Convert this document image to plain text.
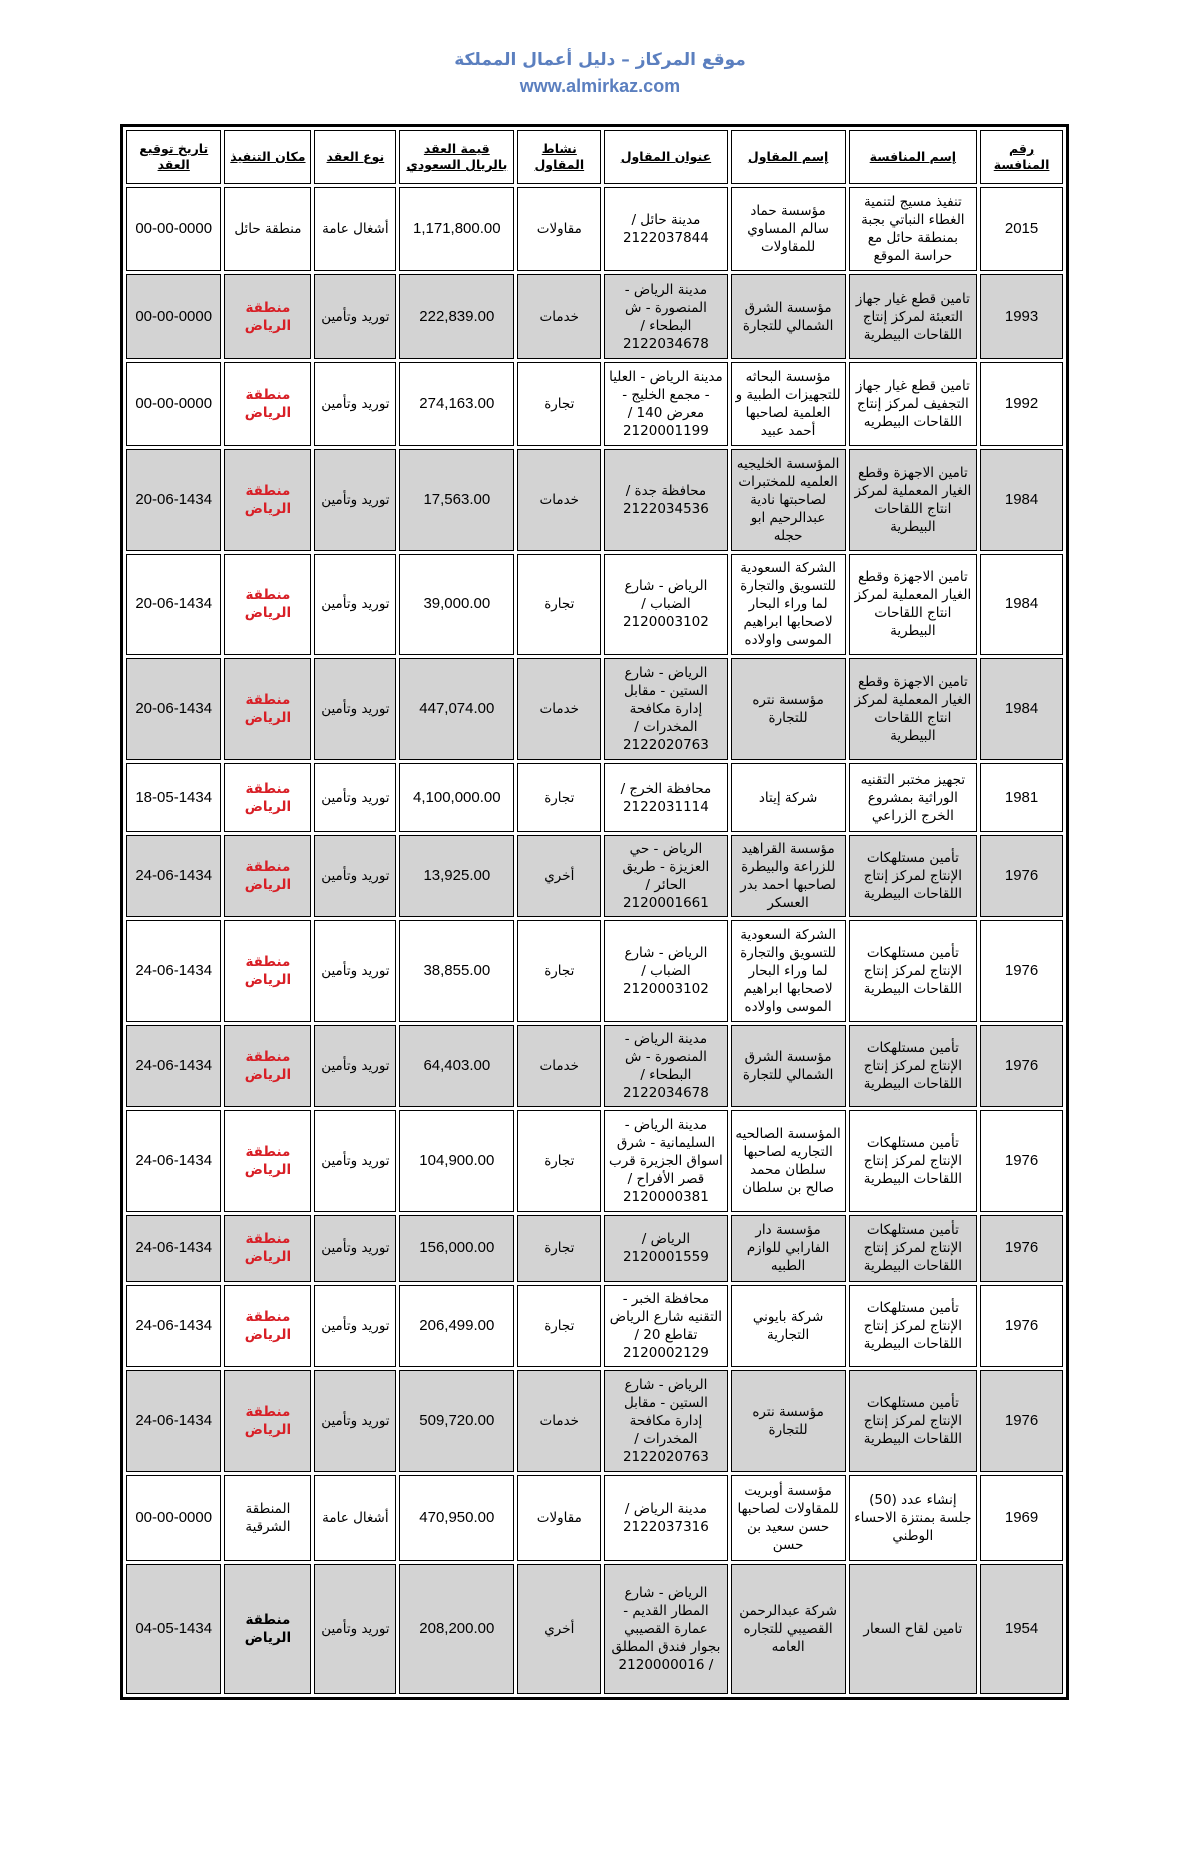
موقع المركاز – دليل أعمال المملكة
www.almirkaz.com
رقم المنافسة	إسم المنافسة	إسم المقاول	عنوان المقاول	نشاط المقاول	قيمة العقد بالريال السعودي	نوع العقد	مكان التنفيذ	تاريخ توقيع العقد
2015	تنفيذ مسيج لتنمية الغطاء النباتي بجبة بمنطقة حائل مع حراسة الموقع	مؤسسة حماد سالم المساوي للمقاولات	مدينة حائل / 2122037844	مقاولات	1,171,800.00	أشغال عامة	منطقة حائل	00-00-0000
1993	تامين قطع غيار جهاز التعبئة لمركز إنتاج اللقاحات البيطرية	مؤسسة الشرق الشمالي للتجارة	مدينة الرياض - المنصورة - ش البطحاء / 2122034678	خدمات	222,839.00	توريد وتأمين	منطقة الرياض	00-00-0000
1992	تامين قطع غيار جهاز التجفيف لمركز إنتاج اللقاحات البيطريه	مؤسسة البحاثه للتجهيزات الطبية و العلمية لصاحبها أحمد عبيد	مدينة الرياض - العليا - مجمع الخليج - معرض 140 / 2120001199	تجارة	274,163.00	توريد وتأمين	منطقة الرياض	00-00-0000
1984	تامين الاجهزة وقطع الغيار المعملية لمركز انتاج اللقاحات البيطرية	المؤسسة الخليجيه العلميه للمختبرات لصاحبتها نادية عبدالرحيم ابو حجله	محافظة جدة / 2122034536	خدمات	17,563.00	توريد وتأمين	منطقة الرياض	20-06-1434
1984	تامين الاجهزة وقطع الغيار المعملية لمركز انتاج اللقاحات البيطرية	الشركة السعودية للتسويق والتجارة لما وراء البحار لاصحابها ابراهيم الموسى واولاده	الرياض - شارع الضباب / 2120003102	تجارة	39,000.00	توريد وتأمين	منطقة الرياض	20-06-1434
1984	تامين الاجهزة وقطع الغيار المعملية لمركز انتاج اللقاحات البيطرية	مؤسسة نتره للتجارة	الرياض - شارع الستين - مقابل إدارة مكافحة المخدرات / 2122020763	خدمات	447,074.00	توريد وتأمين	منطقة الرياض	20-06-1434
1981	تجهيز مختبر التقنيه الوراثية بمشروع الخرج الزراعي	شركة إيتاد	محافظة الخرج / 2122031114	تجارة	4,100,000.00	توريد وتأمين	منطقة الرياض	18-05-1434
1976	تأمين مستلهكات الإنتاج لمركز إنتاج اللقاحات البيطرية	مؤسسة القراهيد للزراعة والبيطرة لصاحبها احمد بدر العسكر	الرياض - حي العزيزة - طريق الحائر / 2120001661	أخري	13,925.00	توريد وتأمين	منطقة الرياض	24-06-1434
1976	تأمين مستلهكات الإنتاج لمركز إنتاج اللقاحات البيطرية	الشركة السعودية للتسويق والتجارة لما وراء البحار لاصحابها ابراهيم الموسى واولاده	الرياض - شارع الضباب / 2120003102	تجارة	38,855.00	توريد وتأمين	منطقة الرياض	24-06-1434
1976	تأمين مستلهكات الإنتاج لمركز إنتاج اللقاحات البيطرية	مؤسسة الشرق الشمالي للتجارة	مدينة الرياض - المنصورة - ش البطحاء / 2122034678	خدمات	64,403.00	توريد وتأمين	منطقة الرياض	24-06-1434
1976	تأمين مستلهكات الإنتاج لمركز إنتاج اللقاحات البيطرية	المؤسسة الصالحيه التجاريه لصاحبها سلطان محمد صالح بن سلطان	مدينة الرياض - السليمانية - شرق اسواق الجزيرة قرب قصر الأفراح / 2120000381	تجارة	104,900.00	توريد وتأمين	منطقة الرياض	24-06-1434
1976	تأمين مستلهكات الإنتاج لمركز إنتاج اللقاحات البيطرية	مؤسسة دار الفارابي للوازم الطبيه	الرياض / 2120001559	تجارة	156,000.00	توريد وتأمين	منطقة الرياض	24-06-1434
1976	تأمين مستلهكات الإنتاج لمركز إنتاج اللقاحات البيطرية	شركة بايوني التجارية	محافظة الخبر - التقنيه شارع الرياض تقاطع 20 / 2120002129	تجارة	206,499.00	توريد وتأمين	منطقة الرياض	24-06-1434
1976	تأمين مستلهكات الإنتاج لمركز إنتاج اللقاحات البيطرية	مؤسسة نتره للتجارة	الرياض - شارع الستين - مقابل إدارة مكافحة المخدرات / 2122020763	خدمات	509,720.00	توريد وتأمين	منطقة الرياض	24-06-1434
1969	إنشاء عدد (50) جلسة بمنتزة الاحساء الوطني	مؤسسة أوبريت للمقاولات لصاحبها حسن سعيد بن حسن	مدينة الرياض / 2122037316	مقاولات	470,950.00	أشغال عامة	المنطقة الشرقية	00-00-0000
1954	تامين لقاح السعار	شركة عبدالرحمن القصيبي للتجاره العامه	الرياض - شارع المطار القديم - عمارة القصيبي بجوار فندق المطلق / 2120000016	أخري	208,200.00	توريد وتأمين	منطقة الرياض	04-05-1434
